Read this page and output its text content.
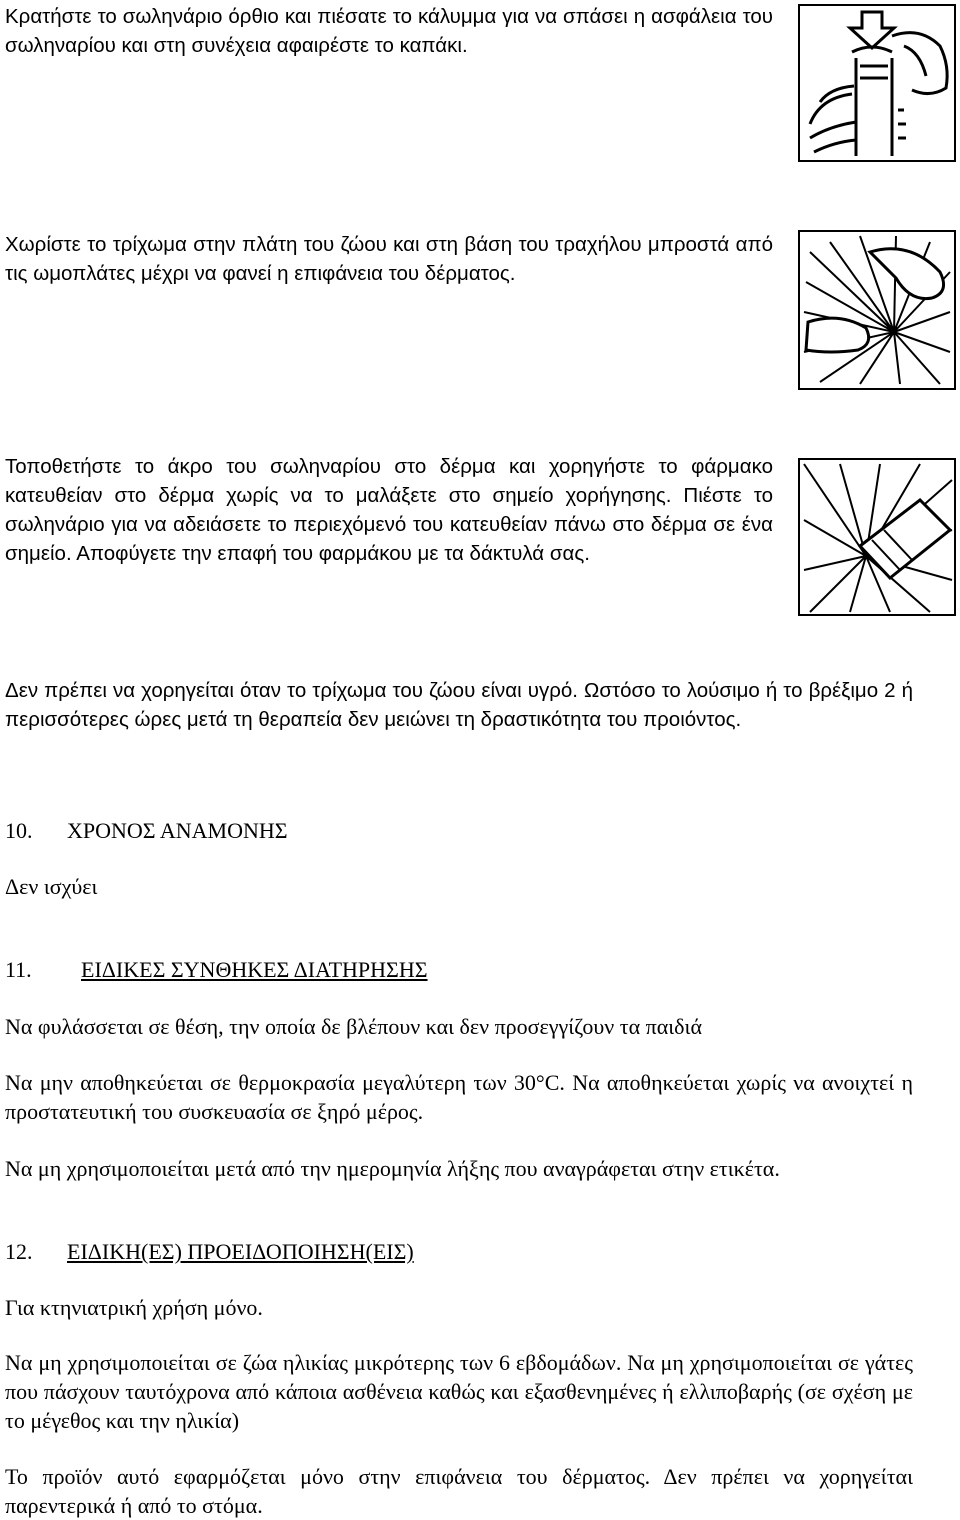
Κρατήστε το σωληνάριο όρθιο και πιέσατε το κάλυμμα για να σπάσει η ασφάλεια του σωληναρίου και στη συνέχεια αφαιρέστε το καπάκι.

Χωρίστε το τρίχωμα στην πλάτη του ζώου και στη βάση του τραχήλου μπροστά από τις ωμοπλάτες μέχρι να φανεί η επιφάνεια του δέρματος.

Τοποθετήστε το άκρο του σωληναρίου στο δέρμα και χορηγήστε το φάρμακο κατευθείαν στο δέρμα χωρίς να το μαλάξετε στο σημείο χορήγησης. Πιέστε το σωληνάριο για να αδειάσετε το περιεχόμενό του κατευθείαν πάνω στο δέρμα σε ένα σημείο. Αποφύγετε την επαφή του φαρμάκου με τα δάκτυλά σας.

Δεν πρέπει να χορηγείται όταν το τρίχωμα του ζώου είναι υγρό. Ωστόσο το λούσιμο ή το βρέξιμο 2 ή περισσότερες ώρες μετά τη θεραπεία δεν μειώνει τη δραστικότητα του προιόντος.

10. ΧΡΟΝΟΣ ΑΝΑΜΟΝΗΣ

Δεν ισχύει

11. ΕΙΔΙΚΕΣ ΣΥΝΘΗΚΕΣ ΔΙΑΤΗΡΗΣΗΣ

Να φυλάσσεται σε θέση, την οποία δε βλέπουν και δεν προσεγγίζουν τα παιδιά

Να μην αποθηκεύεται σε θερμοκρασία μεγαλύτερη των 30°C. Να αποθηκεύεται χωρίς να ανοιχτεί η προστατευτική του συσκευασία σε ξηρό μέρος.

Να μη χρησιμοποιείται μετά από την ημερομηνία λήξης που αναγράφεται στην ετικέτα.

12. ΕΙΔΙΚΗ(ΕΣ) ΠΡΟΕΙΔΟΠΟΙΗΣΗ(ΕΙΣ)

Για κτηνιατρική χρήση μόνο.

Να μη χρησιμοποιείται σε ζώα ηλικίας μικρότερης των 6 εβδομάδων. Να μη χρησιμοποιείται σε γάτες που πάσχουν ταυτόχρονα από κάποια ασθένεια καθώς και εξασθενημένες ή ελλιποβαρής (σε σχέση με το μέγεθος και την ηλικία)

Το προϊόν αυτό εφαρμόζεται μόνο στην επιφάνεια του δέρματος. Δεν πρέπει να χορηγείται παρεντερικά ή από το στόμα.
